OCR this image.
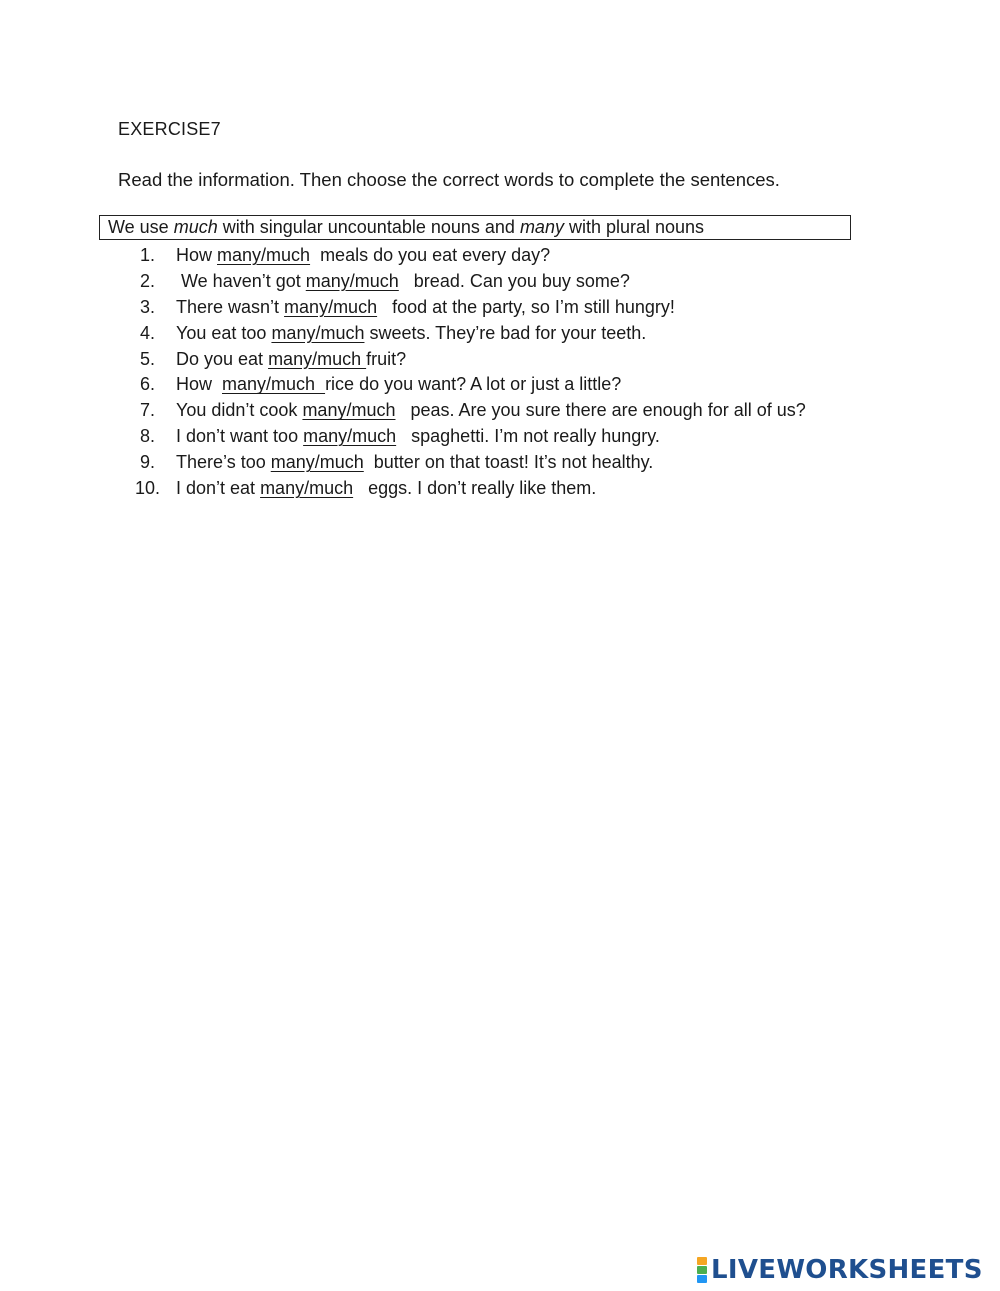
EXERCISE7
Read the information. Then choose the correct words to complete the sentences.
We use much with singular uncountable nouns and many with plural nouns
1. How many/much  meals do you eat every day?
2. We haven’t got many/much   bread. Can you buy some?
3. There wasn’t many/much   food at the party, so I’m still hungry!
4. You eat too many/much sweets. They’re bad for your teeth.
5. Do you eat many/much fruit?
6. How  many/much  rice do you want? A lot or just a little?
7. You didn’t cook many/much   peas. Are you sure there are enough for all of us?
8. I don’t want too many/much   spaghetti. I’m not really hungry.
9. There’s too many/much  butter on that toast! It’s not healthy.
10. I don’t eat many/much   eggs. I don’t really like them.
LIVEWORKSHEETS
